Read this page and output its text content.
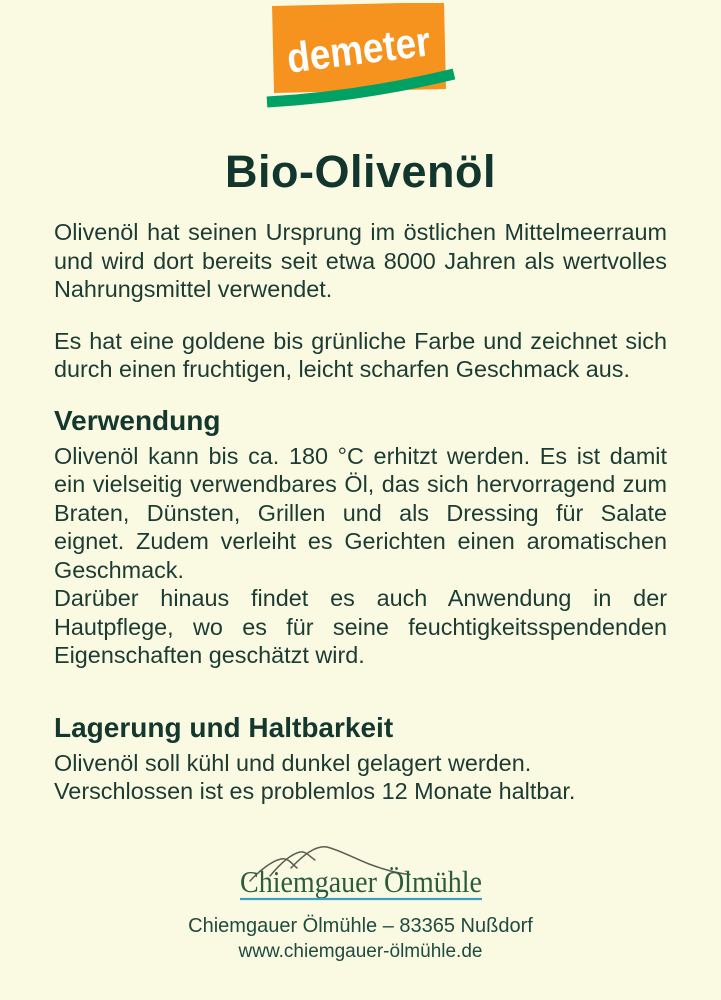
demeter
Bio-Olivenöl

Olivenöl hat seinen Ursprung im östlichen Mittelmeerraum und wird dort bereits seit etwa 8000 Jahren als wertvolles Nahrungsmittel verwendet.

Es hat eine goldene bis grünliche Farbe und zeichnet sich durch einen fruchtigen, leicht scharfen Geschmack aus.

Verwendung

Olivenöl kann bis ca. 180 °C erhitzt werden. Es ist damit ein vielseitig verwendbares Öl, das sich hervorragend zum Braten, Dünsten, Grillen und als Dressing für Salate eignet. Zudem verleiht es Gerichten einen aromatischen Geschmack.

Darüber hinaus findet es auch Anwendung in der Hautpflege, wo es für seine feuchtigkeitsspendenden Eigenschaften geschätzt wird.

Lagerung und Haltbarkeit

Olivenöl soll kühl und dunkel gelagert werden.

Verschlossen ist es problemlos 12 Monate haltbar.

Chiemgauer Ölmühle
Chiemgauer Ölmühle – 83365 Nußdorf
www.chiemgauer-ölmühle.de
